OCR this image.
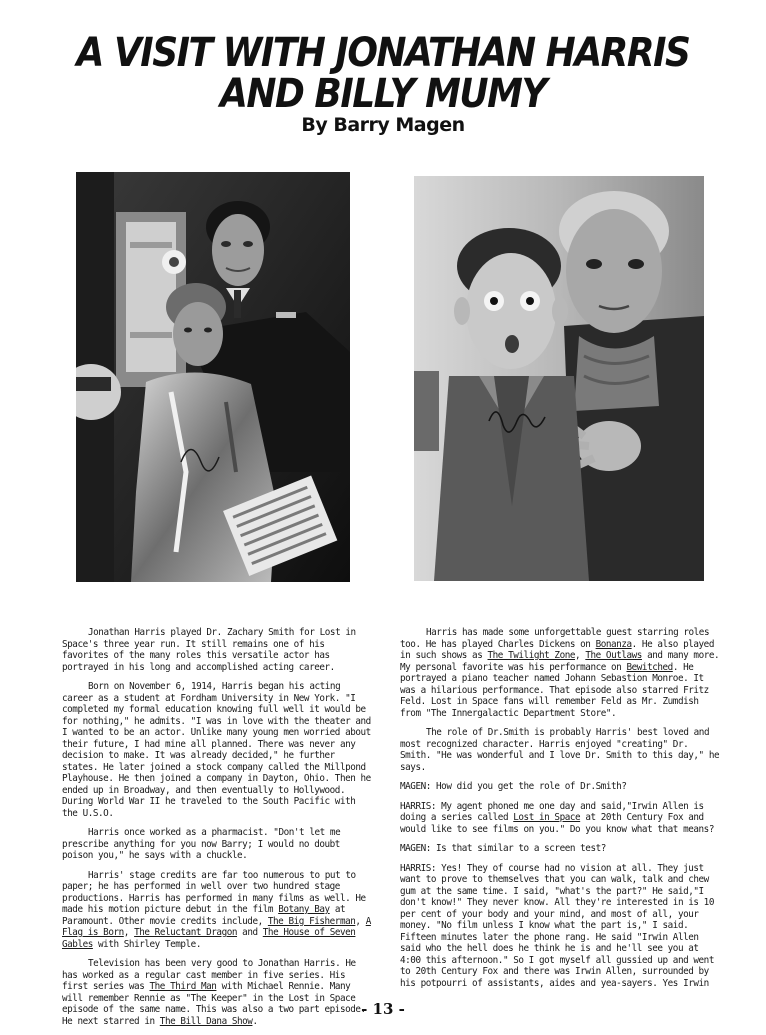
A VISIT WITH JONATHAN HARRIS
AND BILLY MUMY
By Barry Magen

Jonathan Harris played Dr. Zachary Smith for Lost in Space's three year run. It still remains one of his favorites of the many roles this versatile actor has portrayed in his long and accomplished acting career.

Born on November 6, 1914, Harris began his acting career as a student at Fordham University in New York. "I completed my formal education knowing full well it would be for nothing," he admits. "I was in love with the theater and I wanted to be an actor. Unlike many young men worried about their future, I had mine all planned. There was never any decision to make. It was already decided," he further states. He later joined a stock company called the Millpond Playhouse. He then joined a company in Dayton, Ohio. Then he ended up in Broadway, and then eventually to Hollywood. During World War II he traveled to the South Pacific with the U.S.O.

Harris once worked as a pharmacist. "Don't let me prescribe anything for you now Barry; I would no doubt poison you," he says with a chuckle.

Harris' stage credits are far too numerous to put to paper; he has performed in well over two hundred stage productions. Harris has performed in many films as well. He made his motion picture debut in the film Botany Bay at Paramount. Other movie credits include, The Big Fisherman, A Flag is Born, The Reluctant Dragon and The House of Seven Gables with Shirley Temple.

Television has been very good to Jonathan Harris. He has worked as a regular cast member in five series. His first series was The Third Man with Michael Rennie. Many will remember Rennie as "The Keeper" in the Lost in Space episode of the same name. This was also a two part episode. He next starred in The Bill Dana Show.

Harris has made some unforgettable guest starring roles too. He has played Charles Dickens on Bonanza. He also played in such shows as The Twilight Zone, The Outlaws and many more. My personal favorite was his performance on Bewitched. He portrayed a piano teacher named Johann Sebastion Monroe. It was a hilarious performance. That episode also starred Fritz Feld. Lost in Space fans will remember Feld as Mr. Zumdish from "The Innergalactic Department Store".

The role of Dr.Smith is probably Harris' best loved and most recognized character. Harris enjoyed "creating" Dr. Smith. "He was wonderful and I love Dr. Smith to this day," he says.

MAGEN: How did you get the role of Dr.Smith?

HARRIS: My agent phoned me one day and said,"Irwin Allen is doing a series called Lost in Space at 20th Century Fox and would like to see films on you." Do you know what that means?

MAGEN: Is that similar to a screen test?

HARRIS: Yes! They of course had no vision at all. They just want to prove to themselves that you can walk, talk and chew gum at the same time. I said, "what's the part?" He said,"I don't know!" They never know. All they're interested in is 10 per cent of your body and your mind, and most of all, your money. "No film unless I know what the part is," I said. Fifteen minutes later the phone rang. He said "Irwin Allen said who the hell does he think he is and he'll see you at 4:00 this afternoon." So I got myself all gussied up and went to 20th Century Fox and there was Irwin Allen, surrounded by his potpourri of assistants, aides and yea-sayers. Yes Irwin

- 13 -
